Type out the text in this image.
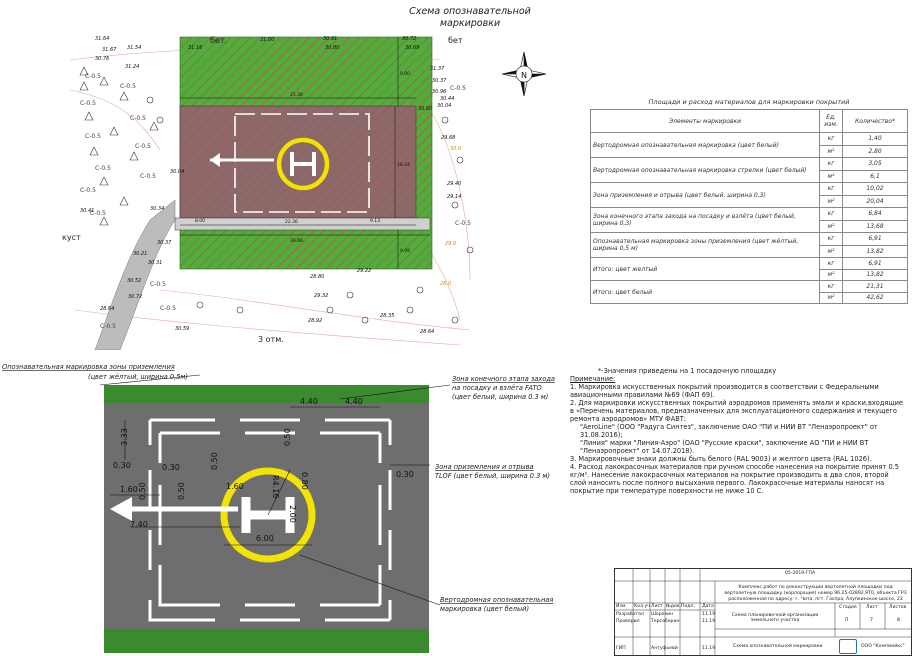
Схема опознавательной
маркировки
25.36
22.36
36.66
8.00	9.13
9.00
16.44
9.09
бет.	бет
3 отм.
куст
C-0.5
C-0.5
C-0.5
C-0.5
C-0.5
C-0.5
C-0.5
C-0.5
C-0.5
C-0.5
C-0.5
C-0.5
C-0.5
C-0.5
C-0.5
31.64
31.67 31.54	31.16
31.00	30.91	30.72
31.37
30.76
31.24
30.80	30.69
30.37
30.96
30.60
30.44
30.04
29.68
29.40
29.14
30.04
30.37
30.31
29.22
28.80
29.32
28.92
28.64
28.35
30.59
30.52
30.72
28.64
30.41	30.34
30.21
30.0
29.0
28.0
N
Площади и расход материалов для маркировки покрытий
Элементы маркировки	Ед. изм.	Количество*
Вертодромная опознавательная маркировка (цвет белый)	кг	1,40
	м²	2,80
Вертодромная опознавательная маркировка стрелки (цвет белый)	кг	3,05
	м²	6,1
Зона приземления и отрыва (цвет белый, ширина 0,3)	кг	10,02
	м²	20,04
Зона конечного этапа захода на посадку и взлёта (цвет белый, ширина 0,3)	кг	6,84
	м²	13,68
Опознавательная маркировка зоны приземления (цвет жёлтый, ширина 0,5 м)	кг	6,91
	м²	13,82
Итого: цвет желтый	кг	6,91
	м²	13,82
Итого: цвет белый	кг	21,31
	м²	42,62

*-Значения приведены на 1 посадочную площадку

Примечание:

1. Маркировка искусственных покрытий производится в соответствии с Федеральными авиационными правилами №69 (ФАП 69).

2. Для маркировки искусственных покрытий аэродромов применять эмали и краски,входящие в «Перечень материалов, предназначенных для эксплуатационного содержания и текущего ремонта аэродромов» МТУ ФАВТ:

"AeroLine" (ООО "Радуга Синтез", заключение ОАО "ПИ и НИИ ВТ "Ленаэропроект" от 31.08.2016);

"Линия" марки "Линия-Аэро" (ОАО "Русские краски", заключение АО "ПИ и НИИ ВТ "Ленаэропроект" от 14.07.2018).

3. Маркировочные знаки должны быть белого (RAL 9003) и желтого цвета (RAL 1026).

4. Расход лакокрасочных материалов при ручном способе нанесения на покрытие принят 0.5 кг/м². Нанесение лакокрасочных материалов на покрытие производить в два слоя, второй слой наносить после полного высыхания первого. Лакокрасочные материалы наносят на покрытие при температуре поверхности не ниже 10 С.

4.40	4.40
3.33
0.30	0.30
0.30
1.60	1.60
7.40
6.00
R4.16
2.00
0.80
0.50	0.50
0.50
0.50
Опознавательная маркировка зоны приземления
(цвет жёлтый, ширина 0,5м)	Зона конечного этапа захода
на посадку и взлёта FATO
(цвет белый, ширина 0.3 м)
Зона приземления и отрыва
TLOF (цвет белый, ширина 0.3 м)
Вертодромная опознавательная
маркировка (цвет белый)
05-2019-ГПА
Комплекс работ по реконструкции вертолетной площадки под вертолетную площадку (корпорация) номер 96.25-02892.9Т0, объекта ГРЗ расположенная по адресу: г. Чита, пгт. Гаспра, Алупкинское шоссе, 23
Изм. Кол.уч Лист №док. Подп. Дата
Разработал Шорохин	11.19
Проверил Терсоберин	11.19
ГИП	Антуфьевй	11.19
Схема планировочной организации земельного участка
Стадия Лист Листов
П	7	8
Схема опознавательной маркировки	ООО "Компмойкс"
